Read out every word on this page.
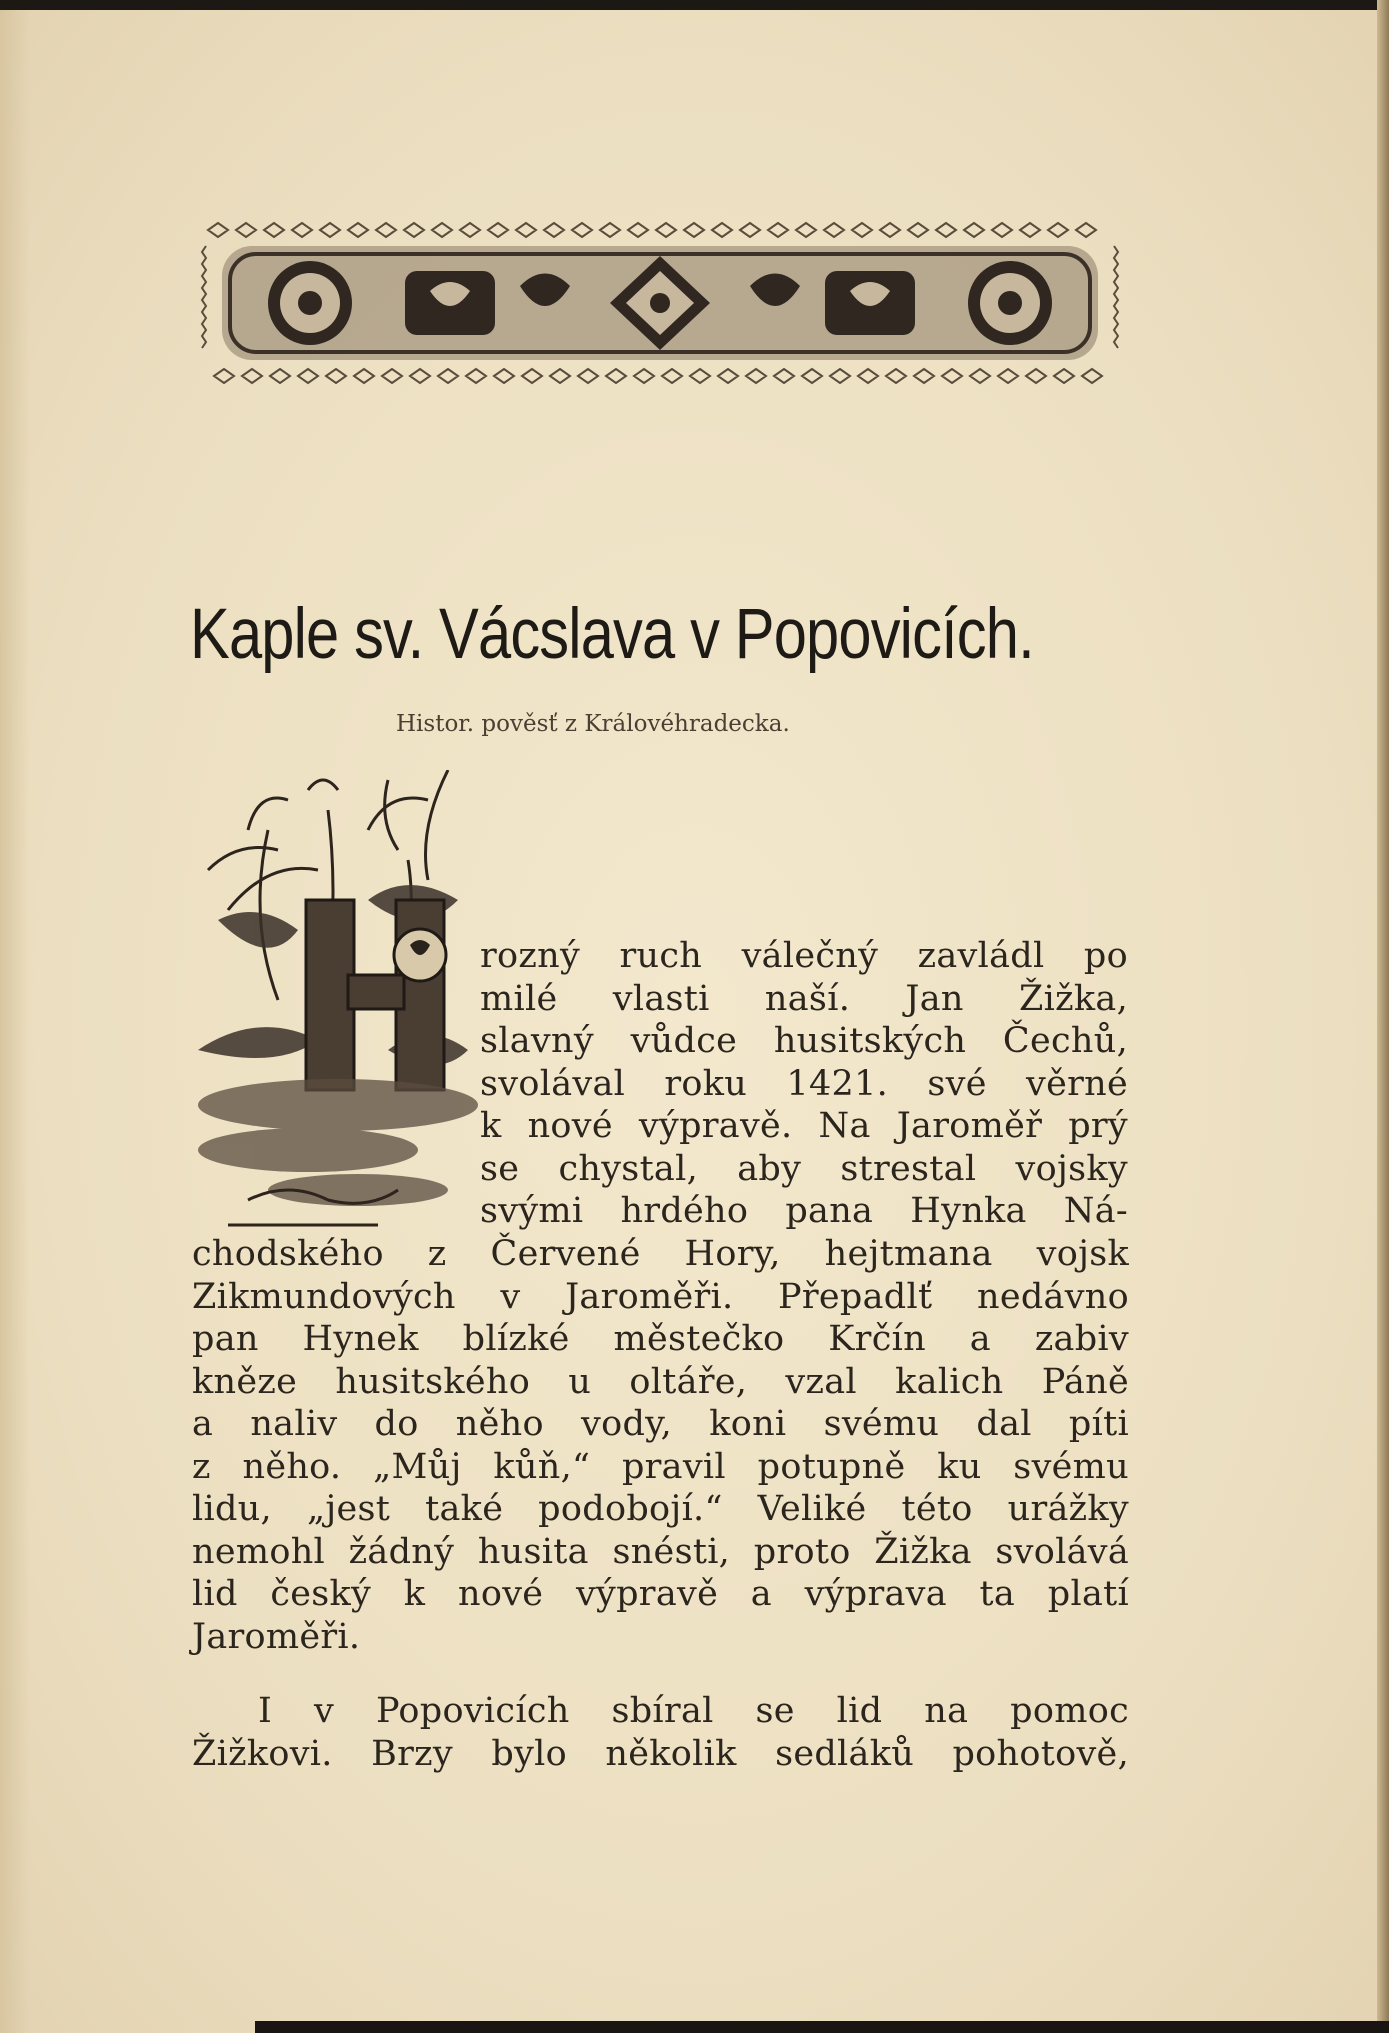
Kaple sv. Vácslava v Popovicích.
Histor. pověsť z Královéhradecka.
rozný ruch válečný zavládl po
milé vlasti naší. Jan Žižka,
slavný vůdce husitských Čechů,
svolával roku 1421. své věrné
k nové výpravě. Na Jaroměř prý
se chystal, aby strestal vojsky
svými hrdého pana Hynka Ná-
chodského z Červené Hory, hejtmana vojsk
Zikmundových v Jaroměři. Přepadlť nedávno
pan Hynek blízké městečko Krčín a zabiv
kněze husitského u oltáře, vzal kalich Páně
a naliv do něho vody, koni svému dal píti
z něho. „Můj kůň,“ pravil potupně ku svému
lidu, „jest také podobojí.“ Veliké této urážky
nemohl žádný husita snésti, proto Žižka svolává
lid český k nové výpravě a výprava ta platí
Jaroměři.
I v Popovicích sbíral se lid na pomoc
Žižkovi. Brzy bylo několik sedláků pohotově,
